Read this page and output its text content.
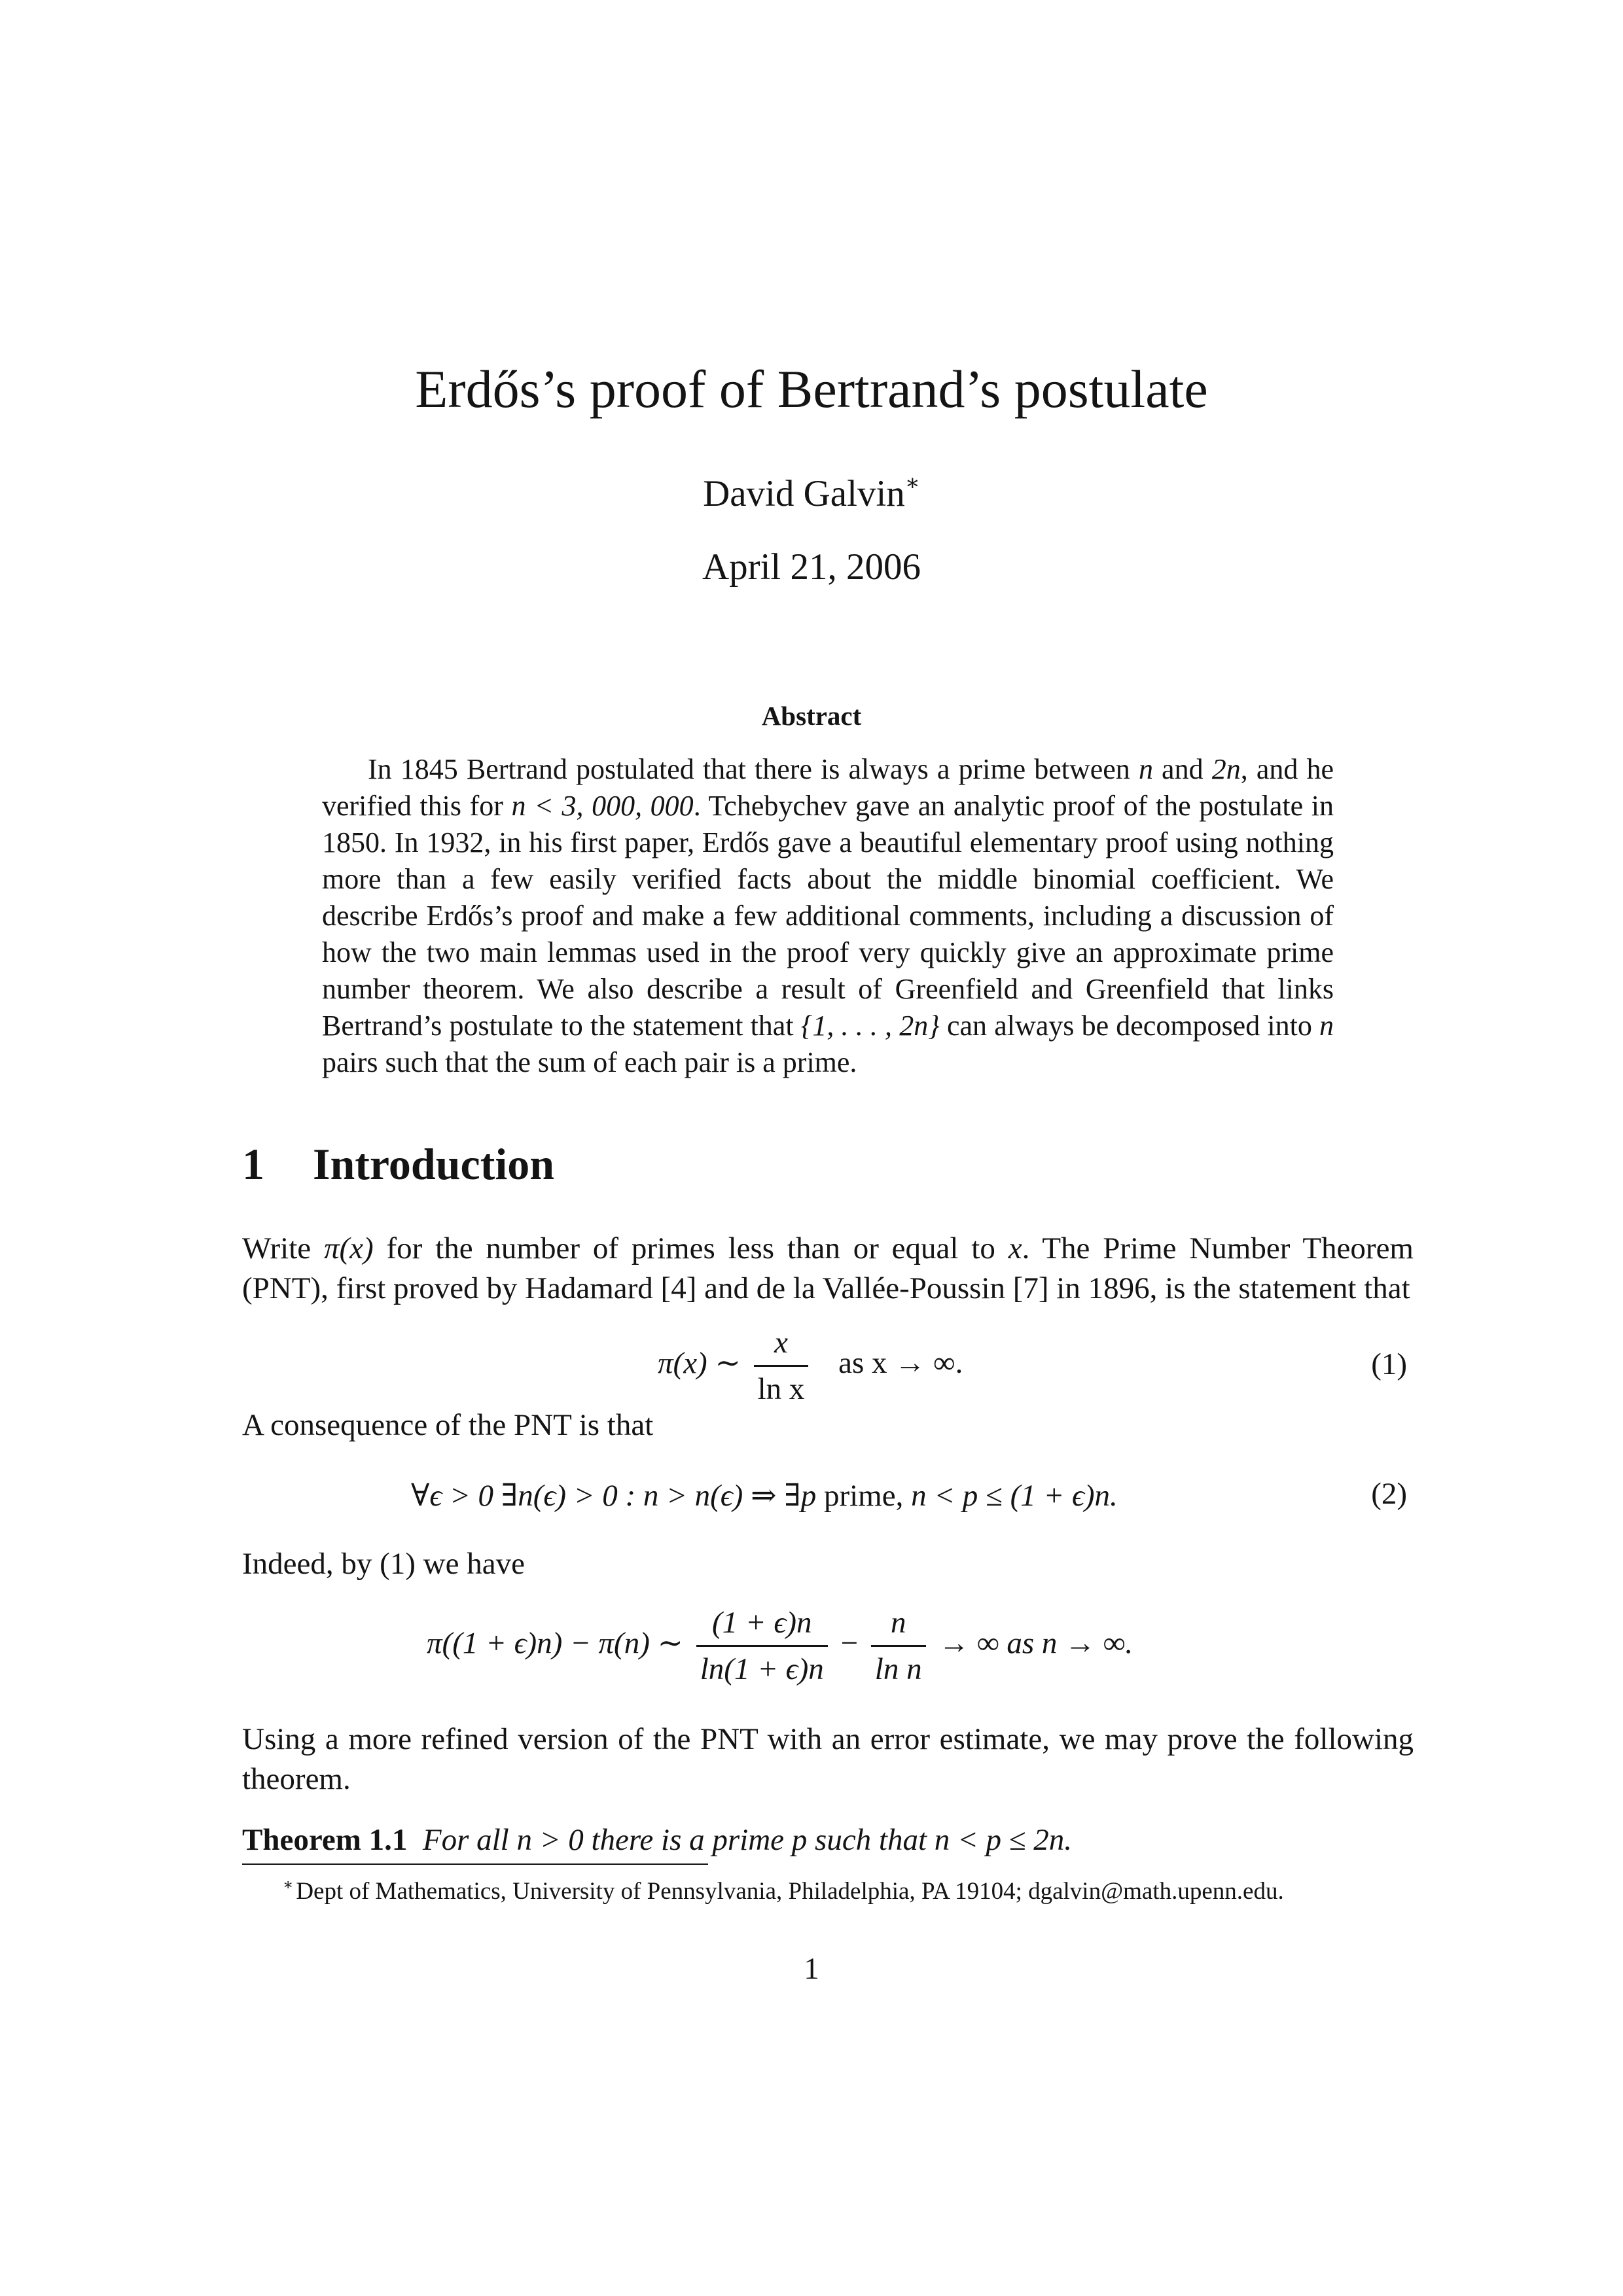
Erdős’s proof of Bertrand’s postulate
David Galvin∗
April 21, 2006
Abstract

In 1845 Bertrand postulated that there is always a prime between n and 2n, and he verified this for n < 3, 000, 000. Tchebychev gave an analytic proof of the postulate in 1850. In 1932, in his first paper, Erdős gave a beautiful elementary proof using nothing more than a few easily verified facts about the middle binomial coefficient. We describe Erdős’s proof and make a few additional comments, including a discussion of how the two main lemmas used in the proof very quickly give an approximate prime number theorem. We also describe a result of Greenfield and Greenfield that links Bertrand’s postulate to the statement that {1, . . . , 2n} can always be decomposed into n pairs such that the sum of each pair is a prime.

1 Introduction

Write π(x) for the number of primes less than or equal to x. The Prime Number Theorem (PNT), first proved by Hadamard [4] and de la Vallée-Poussin [7] in 1896, is the statement that

π(x) ∼ $\frac{x}{\text{ln x}}$ as x → ∞.	(1)
A consequence of the PNT is that
∀ϵ > 0 ∃n(ϵ) > 0 : n > n(ϵ) ⇒ ∃p prime, n < p ≤ (1 + ϵ)n.	(2)
Indeed, by (1) we have
π((1 + ϵ)n) − π(n) ∼ $\frac{(1 + \epsilon)n}{\ln(1 + \epsilon)n} - \frac{n}{\text{ln n}}$ → ∞ as n → ∞.
Using a more refined version of the PNT with an error estimate, we may prove the following theorem.
Theorem 1.1 For all n > 0 there is a prime p such that n < p ≤ 2n.
∗ Dept of Mathematics, University of Pennsylvania, Philadelphia, PA 19104; dgalvin@math.upenn.edu.
1
